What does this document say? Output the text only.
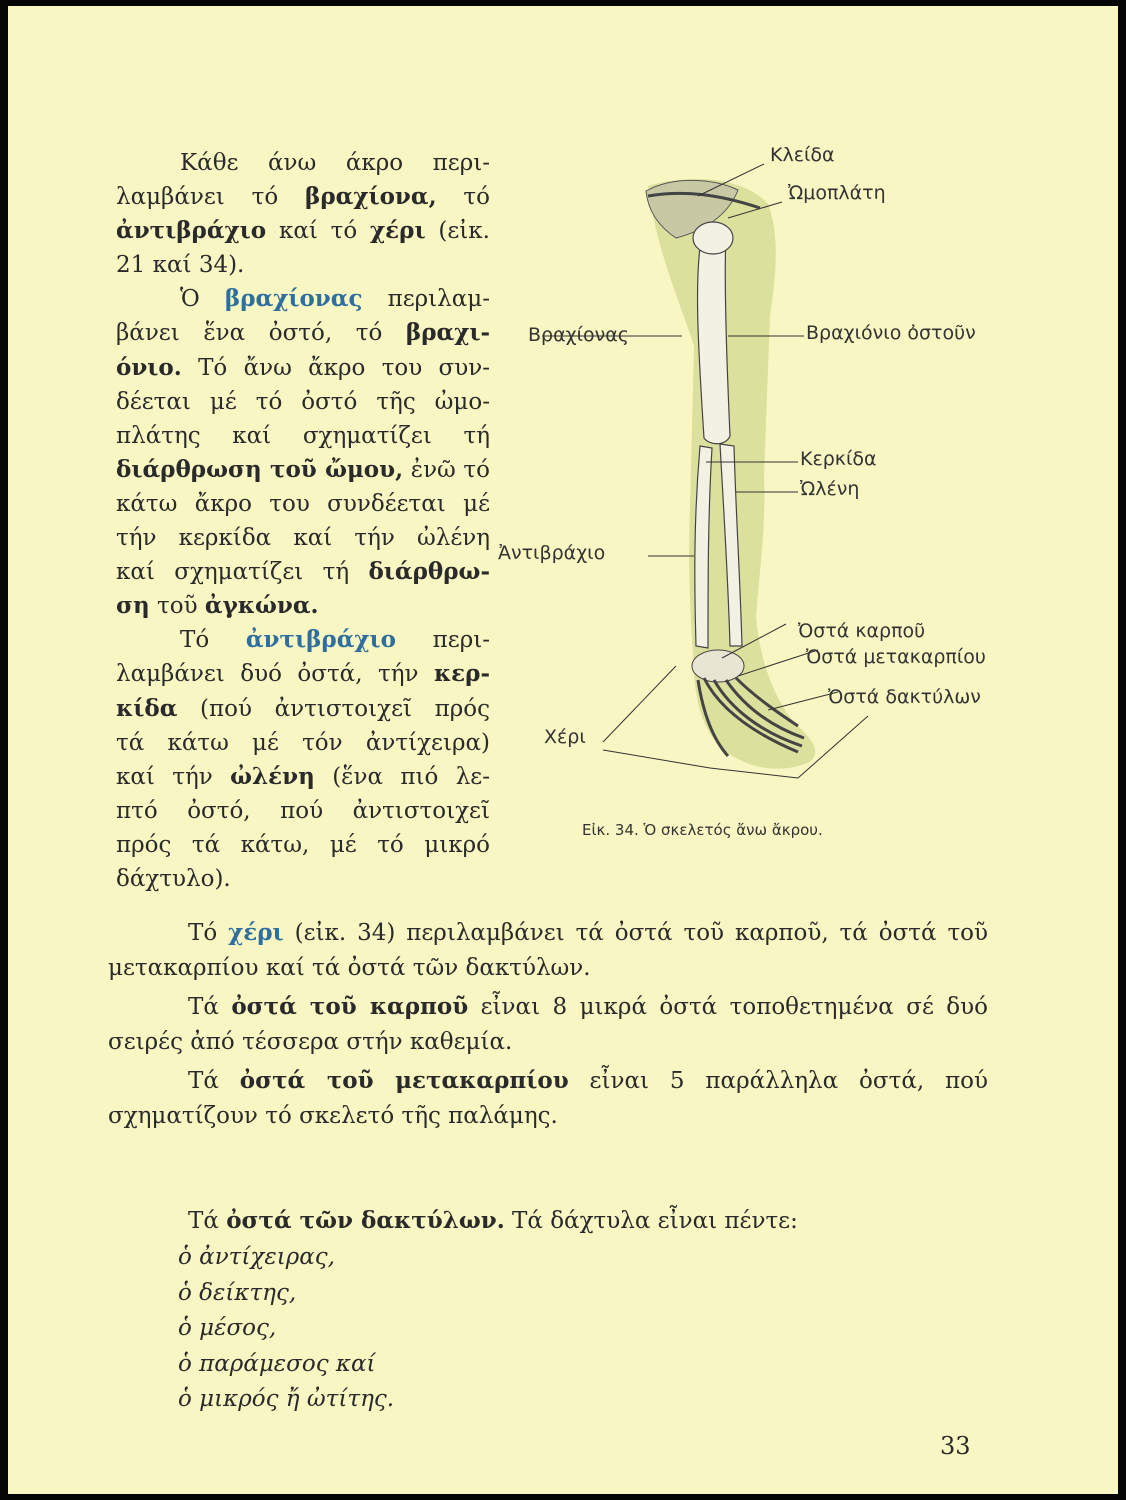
Κάθε άνω άκρο περι-

λαμβάνει τό βραχίονα, τό

ἀντιβράχιο καί τό χέρι (εἰκ.

21 καί 34).

Ὁ βραχίονας περιλαμ-

βάνει ἕνα ὀστό, τό βραχι-

όνιο. Τό ἄνω ἄκρο του συν-

δέεται μέ τό ὀστό τῆς ὠμο-

πλάτης καί σχηματίζει τή

διάρθρωση τοῦ ὤμου, ἐνῶ τό

κάτω ἄκρο του συνδέεται μέ

τήν κερκίδα καί τήν ὠλένη

καί σχηματίζει τή διάρθρω-

ση τοῦ ἀγκώνα.

Τό ἀντιβράχιο περι-

λαμβάνει δυό ὀστά, τήν κερ-

κίδα (πού ἀντιστοιχεῖ πρός

τά κάτω μέ τόν ἀντίχειρα)

καί τήν ὠλένη (ἕνα πιό λε-

πτό ὀστό, πού ἀντιστοιχεῖ

πρός τά κάτω, μέ τό μικρό

δάχτυλο).

Κλείδα
Ὠμοπλάτη
Βραχίονας	Βραχιόνιο ὀστοῦν
Κερκίδα
Ὠλένη
Ἀντιβράχιο
Ὀστά καρποῦ
Ὀστά μετακαρπίου
Ὀστά δακτύλων
Χέρι
Εἰκ. 34. Ὁ σκελετός ἄνω ἄκρου.

Τό χέρι (εἰκ. 34) περιλαμβάνει τά ὀστά τοῦ καρποῦ, τά ὀστά τοῦ μετακαρπίου καί τά ὀστά τῶν δακτύλων.

Τά ὀστά τοῦ καρποῦ εἶναι 8 μικρά ὀστά τοποθετημένα σέ δυό σειρές ἀπό τέσσερα στήν καθεμία.

Τά ὀστά τοῦ μετακαρπίου εἶναι 5 παράλληλα ὀστά, πού σχηματίζουν τό σκελετό τῆς παλάμης.

Τά ὀστά τῶν δακτύλων. Τά δάχτυλα εἶναι πέντε:

ὁ ἀντίχειρας,
ὁ δείκτης,
ὁ μέσος,
ὁ παράμεσος καί
ὁ μικρός ἤ ὠτίτης.
33
